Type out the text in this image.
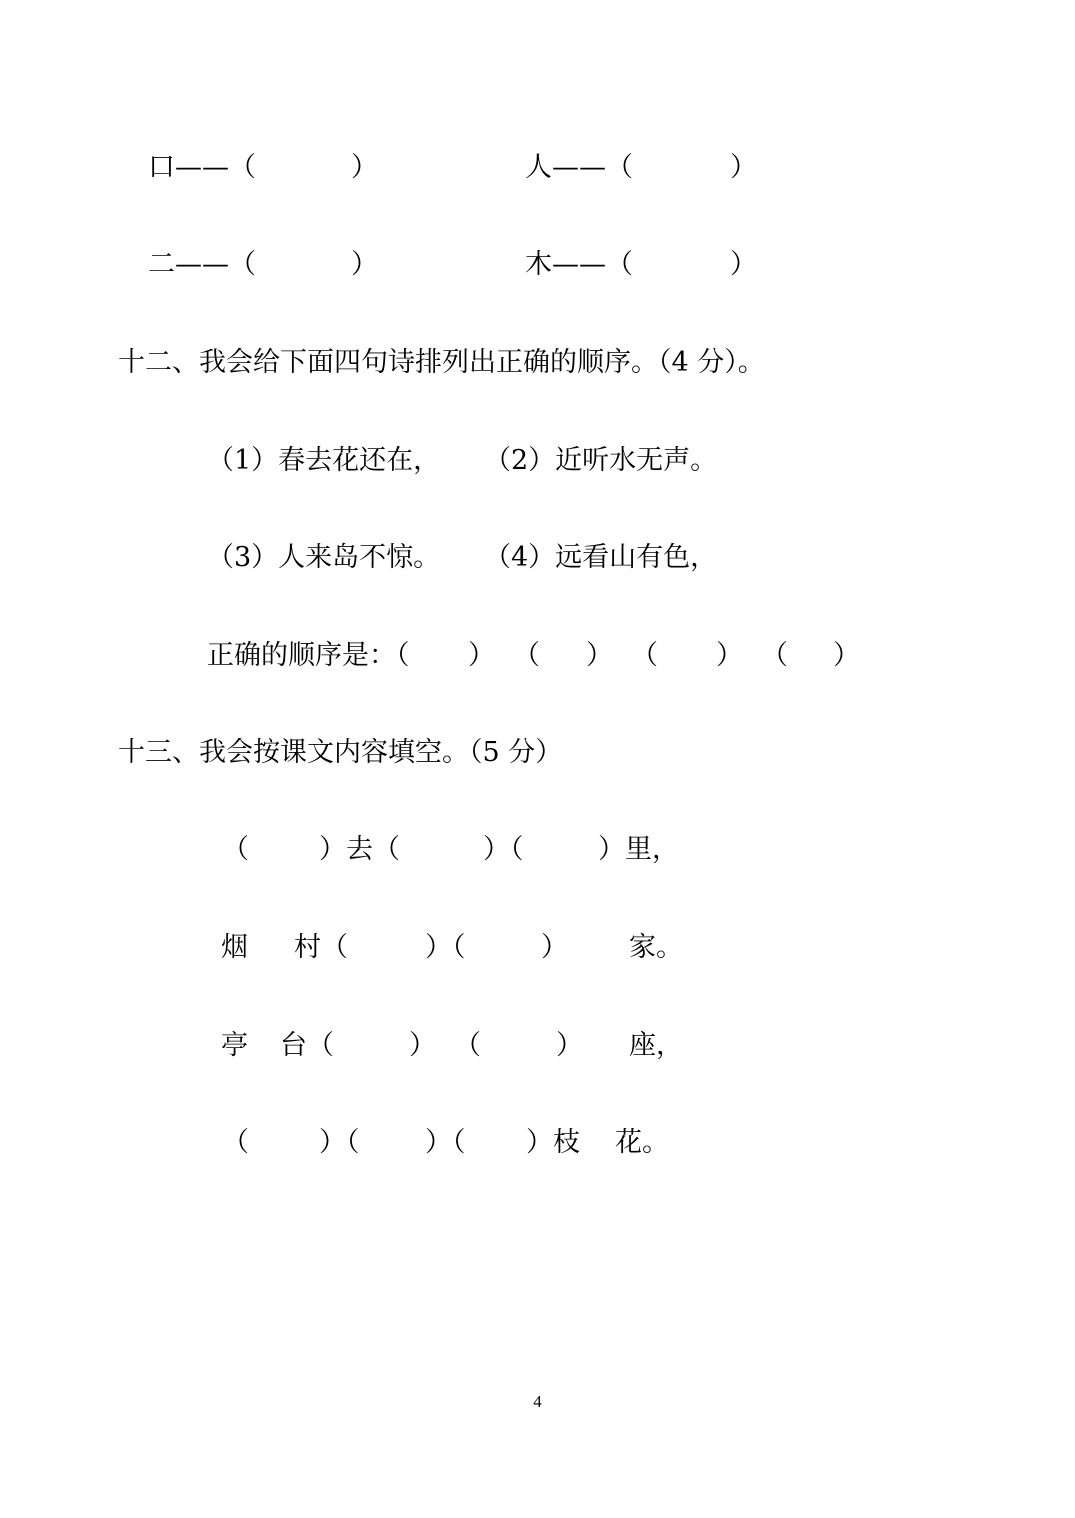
口——（	）	人——（	）
二——（	）	木——（	）
十二、我会给下面四句诗排列出正确的顺序。（4 分）。
（1）春去花还在， （2）近听水无声。
（3）人来岛不惊。 （4）远看山有色，
正确的顺序是：（ ） （ ） （ ） （ ）
十三、我会按课文内容填空。（5 分）
（	）去（	）（	）里，
烟 村（	）（	） 家。
亭 台（	） （	） 座，
（	）（ ）（ ）枝 花。
4
